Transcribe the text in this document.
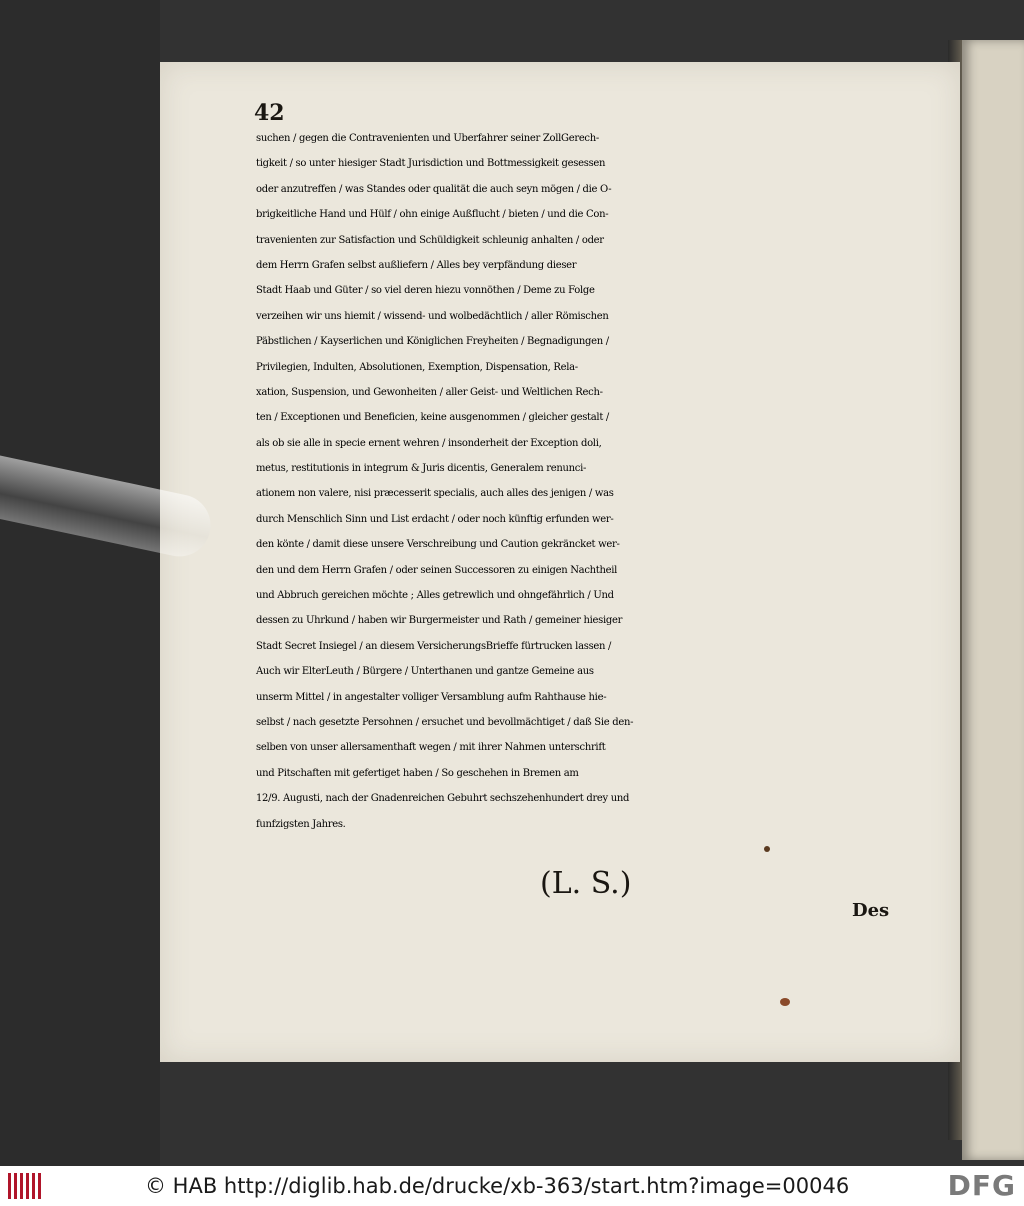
42
suchen / gegen die Contravenienten und Uberfahrer seiner ZollGerech-
tigkeit / so unter hiesiger Stadt Jurisdiction und Bottmessigkeit gesessen
oder anzutreffen / was Standes oder qualität die auch seyn mögen / die O-
brigkeitliche Hand und Hülf / ohn einige Außflucht / bieten / und die Con-
travenienten zur Satisfaction und Schüldigkeit schleunig anhalten / oder
dem Herrn Grafen selbst außliefern / Alles bey verpfändung dieser
Stadt Haab und Güter / so viel deren hiezu vonnöthen / Deme zu Folge
verzeihen wir uns hiemit / wissend- und wolbedächtlich / aller Römischen
Päbstlichen / Kayserlichen und Königlichen Freyheiten / Begnadigungen /
Privilegien, Indulten, Absolutionen, Exemption, Dispensation, Rela-
xation, Suspension, und Gewonheiten / aller Geist- und Weltlichen Rech-
ten / Exceptionen und Beneficien, keine ausgenommen / gleicher gestalt /
als ob sie alle in specie ernent wehren / insonderheit der Exception doli,
metus, restitutionis in integrum & Juris dicentis, Generalem renunci-
ationem non valere, nisi præcesserit specialis, auch alles des jenigen / was
durch Menschlich Sinn und List erdacht / oder noch künftig erfunden wer-
den könte / damit diese unsere Verschreibung und Caution gekräncket wer-
den und dem Herrn Grafen / oder seinen Successoren zu einigen Nachtheil
und Abbruch gereichen möchte ; Alles getrewlich und ohngefährlich / Und
dessen zu Uhrkund / haben wir Burgermeister und Rath / gemeiner hiesiger
Stadt Secret Insiegel / an diesem VersicherungsBrieffe fürtrucken lassen /
Auch wir ElterLeuth / Bürgere / Unterthanen und gantze Gemeine aus
unserm Mittel / in angestalter volliger Versamblung aufm Rahthause hie-
selbst / nach gesetzte Persohnen / ersuchet und bevollmächtiget / daß Sie den-
selben von unser allersamenthaft wegen / mit ihrer Nahmen unterschrift
und Pitschaften mit gefertiget haben / So geschehen in Bremen am
12/9. Augusti, nach der Gnadenreichen Gebuhrt sechszehenhundert drey und
funfzigsten Jahres.
(L. S.)
Des
© HAB http://diglib.hab.de/drucke/xb-363/start.htm?image=00046	DFG
